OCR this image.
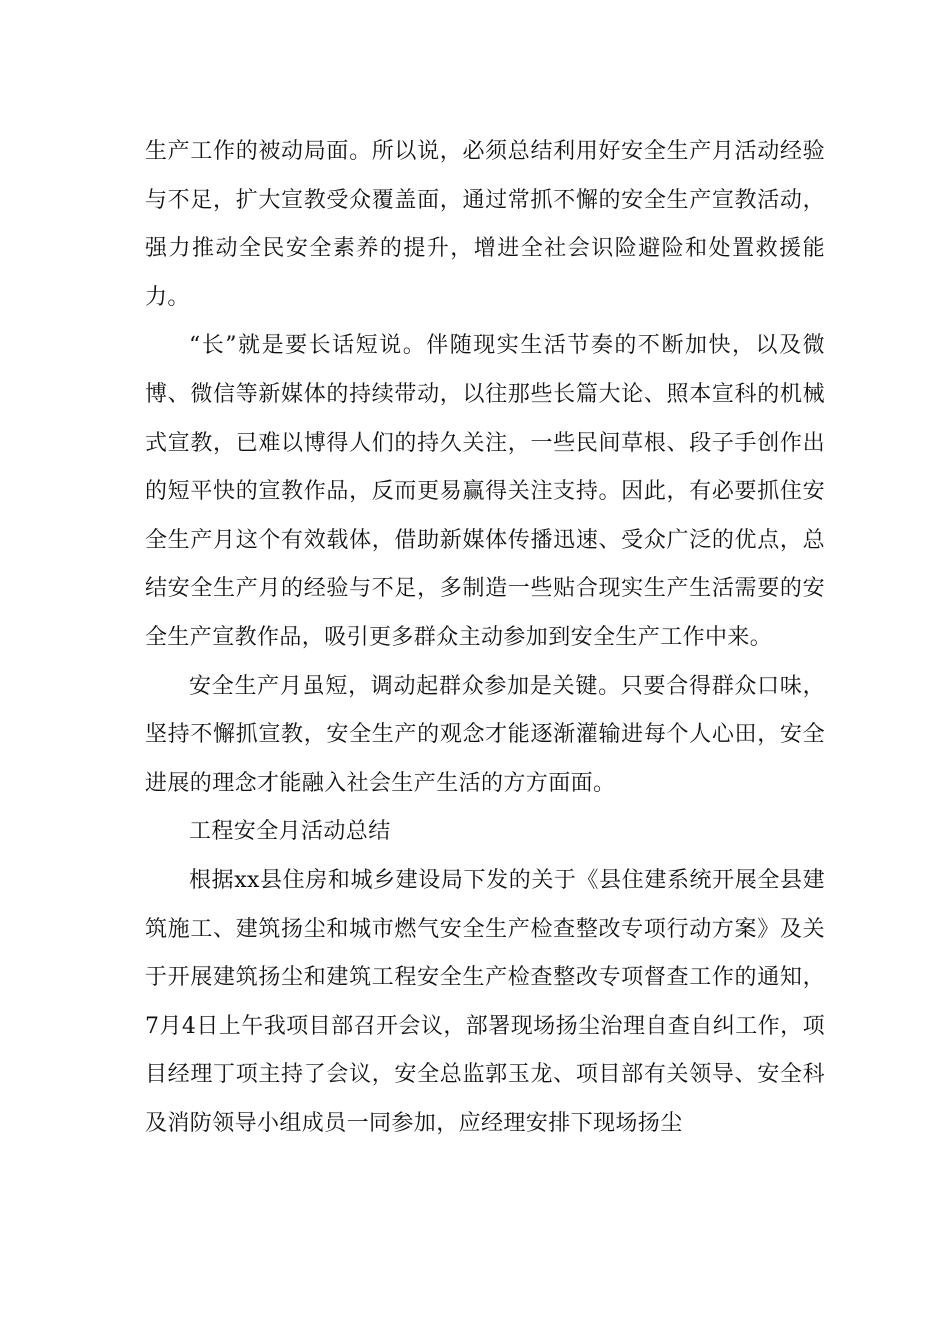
生产工作的被动局面。所以说，必须总结利用好安全生产月活动经验与不足，扩大宣教受众覆盖面，通过常抓不懈的安全生产宣教活动，强力推动全民安全素养的提升，增进全社会识险避险和处置救援能力。

“长”就是要长话短说。伴随现实生活节奏的不断加快，以及微博、微信等新媒体的持续带动，以往那些长篇大论、照本宣科的机械式宣教，已难以博得人们的持久关注，一些民间草根、段子手创作出的短平快的宣教作品，反而更易赢得关注支持。因此，有必要抓住安全生产月这个有效载体，借助新媒体传播迅速、受众广泛的优点，总结安全生产月的经验与不足，多制造一些贴合现实生产生活需要的安全生产宣教作品，吸引更多群众主动参加到安全生产工作中来。

安全生产月虽短，调动起群众参加是关键。只要合得群众口味，坚持不懈抓宣教，安全生产的观念才能逐渐灌输进每个人心田，安全进展的理念才能融入社会生产生活的方方面面。

工程安全月活动总结

根据xx县住房和城乡建设局下发的关于《县住建系统开展全县建筑施工、建筑扬尘和城市燃气安全生产检查整改专项行动方案》及关于开展建筑扬尘和建筑工程安全生产检查整改专项督查工作的通知，7月4日上午我项目部召开会议，部署现场扬尘治理自查自纠工作，项目经理丁项主持了会议，安全总监郭玉龙、项目部有关领导、安全科及消防领导小组成员一同参加，应经理安排下现场扬尘
